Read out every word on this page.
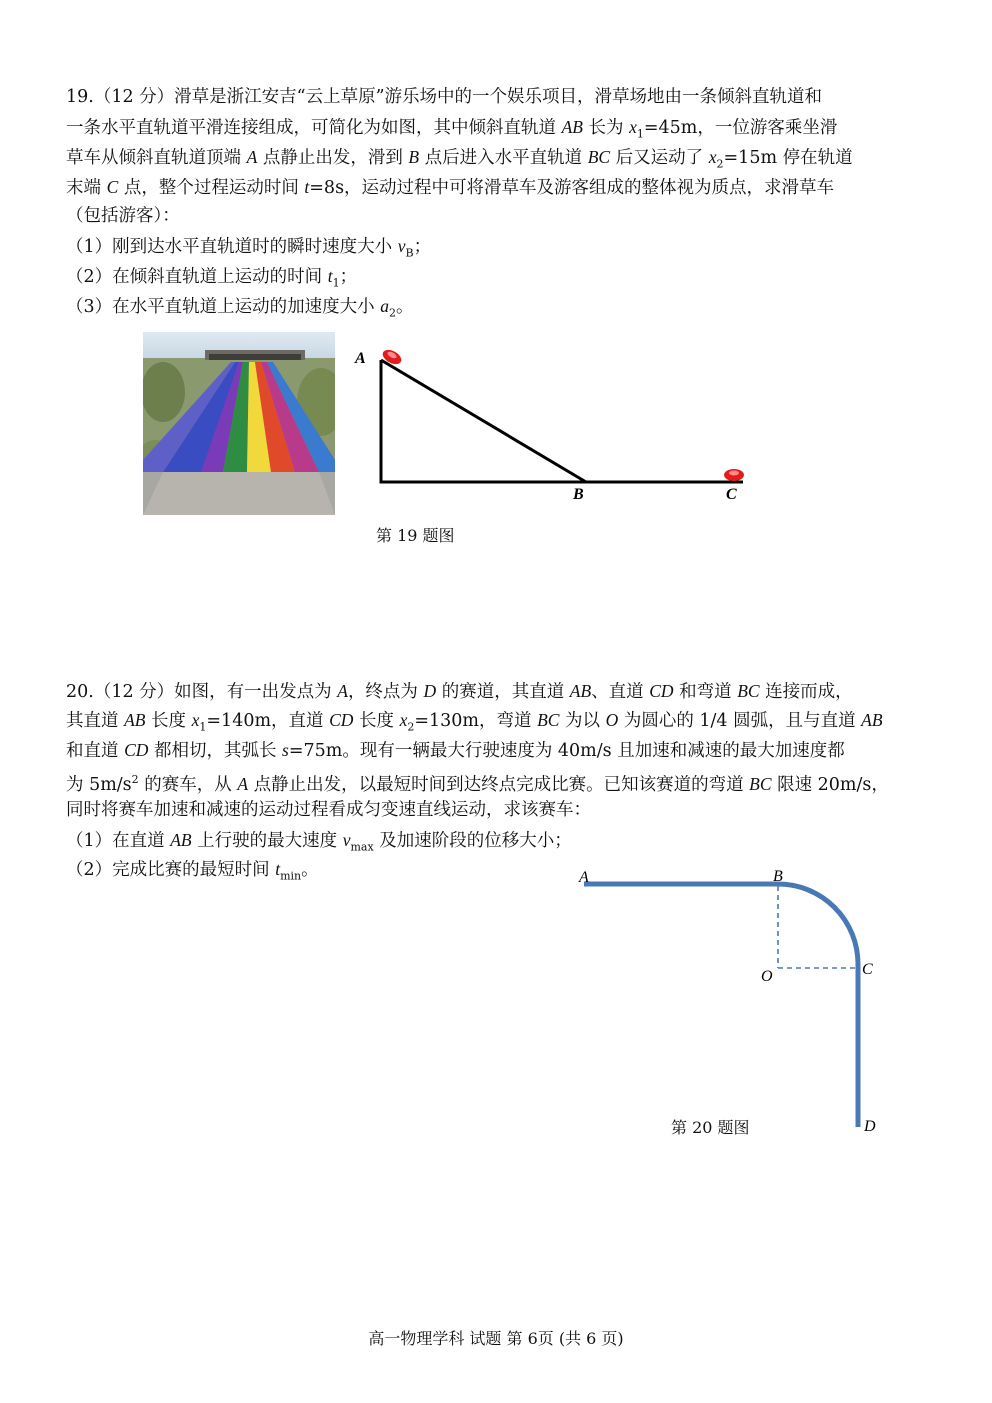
19.（12 分）滑草是浙江安吉“云上草原”游乐场中的一个娱乐项目，滑草场地由一条倾斜直轨道和
一条水平直轨道平滑连接组成，可简化为如图，其中倾斜直轨道 AB 长为 $x_1=45m$，一位游客乘坐滑
草车从倾斜直轨道顶端 A 点静止出发，滑到 B 点后进入水平直轨道 BC 后又运动了 $x_2=15m$ 停在轨道
末端 C 点，整个过程运动时间 t=8s，运动过程中可将滑草车及游客组成的整体视为质点，求滑草车
（包括游客）：
（1）刚到达水平直轨道时的瞬时速度大小 $v_B$；
（2）在倾斜直轨道上运动的时间 $t_1$；
（3）在水平直轨道上运动的加速度大小 $a_2$。
A
B	C
第 19 题图
20.（12 分）如图，有一出发点为 A，终点为 D 的赛道，其直道 AB、直道 CD 和弯道 BC 连接而成，
其直道 AB 长度 $x_1=140m$，直道 CD 长度 $x_2=130m$，弯道 BC 为以 O 为圆心的 1/4 圆弧，且与直道 AB
和直道 CD 都相切，其弧长 s=75m。现有一辆最大行驶速度为 40m/s 且加速和减速的最大加速度都
为 $5m/s^2$ 的赛车，从 A 点静止出发，以最短时间到达终点完成比赛。已知该赛道的弯道 BC 限速 20m/s，
同时将赛车加速和减速的运动过程看成匀变速直线运动，求该赛车：
（1）在直道 AB 上行驶的最大速度 $v_{max}$ 及加速阶段的位移大小；
（2）完成比赛的最短时间 $t_{min}$。	A	B
C
O
D
第 20 题图
高一物理学科 试题 第 6页 (共 6 页)
